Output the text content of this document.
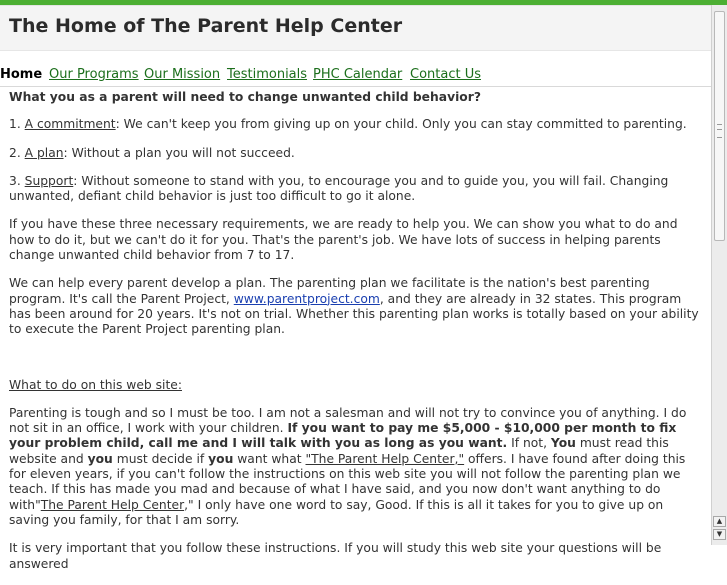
The Home of The Parent Help Center
Home Our Programs Our Mission Testimonials PHC Calendar Contact Us

What you as a parent will need to change unwanted child behavior?

1. A commitment: We can't keep you from giving up on your child. Only you can stay committed to parenting.

2. A plan: Without a plan you will not succeed.

3. Support: Without someone to stand with you, to encourage you and to guide you, you will fail. Changing unwanted, defiant child behavior is just too difficult to go it alone.

If you have these three necessary requirements, we are ready to help you. We can show you what to do and how to do it, but we can't do it for you. That's the parent's job. We have lots of success in helping parents change unwanted child behavior from 7 to 17.

We can help every parent develop a plan. The parenting plan we facilitate is the nation's best parenting program. It's call the Parent Project, www.parentproject.com, and they are already in 32 states. This program has been around for 20 years. It's not on trial. Whether this parenting plan works is totally based on your ability to execute the Parent Project parenting plan.

What to do on this web site:

Parenting is tough and so I must be too. I am not a salesman and will not try to convince you of anything. I do not sit in an office, I work with your children. If you want to pay me $5,000 - $10,000 per month to fix your problem child, call me and I will talk with you as long as you want. If not, You must read this website and you must decide if you want what "The Parent Help Center," offers. I have found after doing this for eleven years, if you can't follow the instructions on this web site you will not follow the parenting plan we teach. If this has made you mad and because of what I have said, and you now don't want anything to do with"The Parent Help Center," I only have one word to say, Good. If this is all it takes for you to give up on saving you family, for that I am sorry.

It is very important that you follow these instructions. If you will study this web site your questions will be answered

▲
▼
